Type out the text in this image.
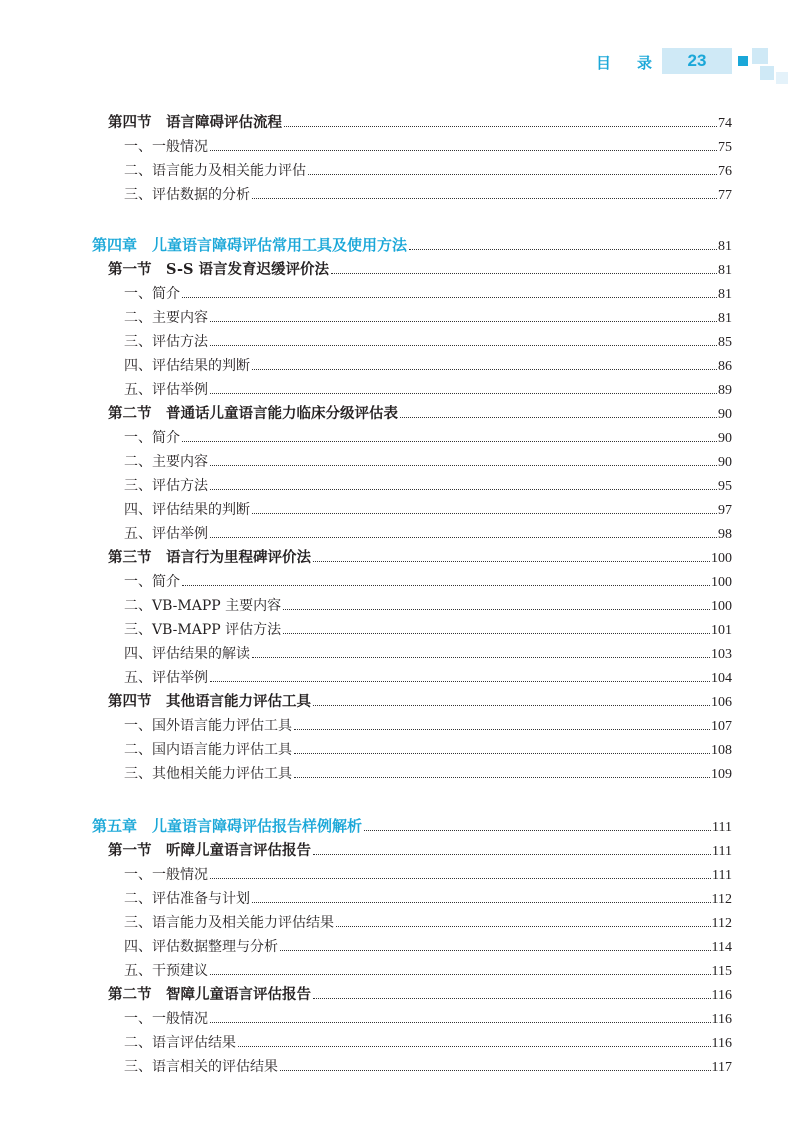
目 录	23
第四节　语言障碍评估流程	74
一、一般情况	75
二、语言能力及相关能力评估	76
三、评估数据的分析	77
第四章　儿童语言障碍评估常用工具及使用方法	81
第一节　S-S 语言发育迟缓评价法	81
一、简介	81
二、主要内容	81
三、评估方法	85
四、评估结果的判断	86
五、评估举例	89
第二节　普通话儿童语言能力临床分级评估表	90
一、简介	90
二、主要内容	90
三、评估方法	95
四、评估结果的判断	97
五、评估举例	98
第三节　语言行为里程碑评价法	100
一、简介	100
二、VB-MAPP 主要内容	100
三、VB-MAPP 评估方法	101
四、评估结果的解读	103
五、评估举例	104
第四节　其他语言能力评估工具	106
一、国外语言能力评估工具	107
二、国内语言能力评估工具	108
三、其他相关能力评估工具	109
第五章　儿童语言障碍评估报告样例解析	111
第一节　听障儿童语言评估报告	111
一、一般情况	111
二、评估准备与计划	112
三、语言能力及相关能力评估结果	112
四、评估数据整理与分析	114
五、干预建议	115
第二节　智障儿童语言评估报告	116
一、一般情况	116
二、语言评估结果	116
三、语言相关的评估结果	117
